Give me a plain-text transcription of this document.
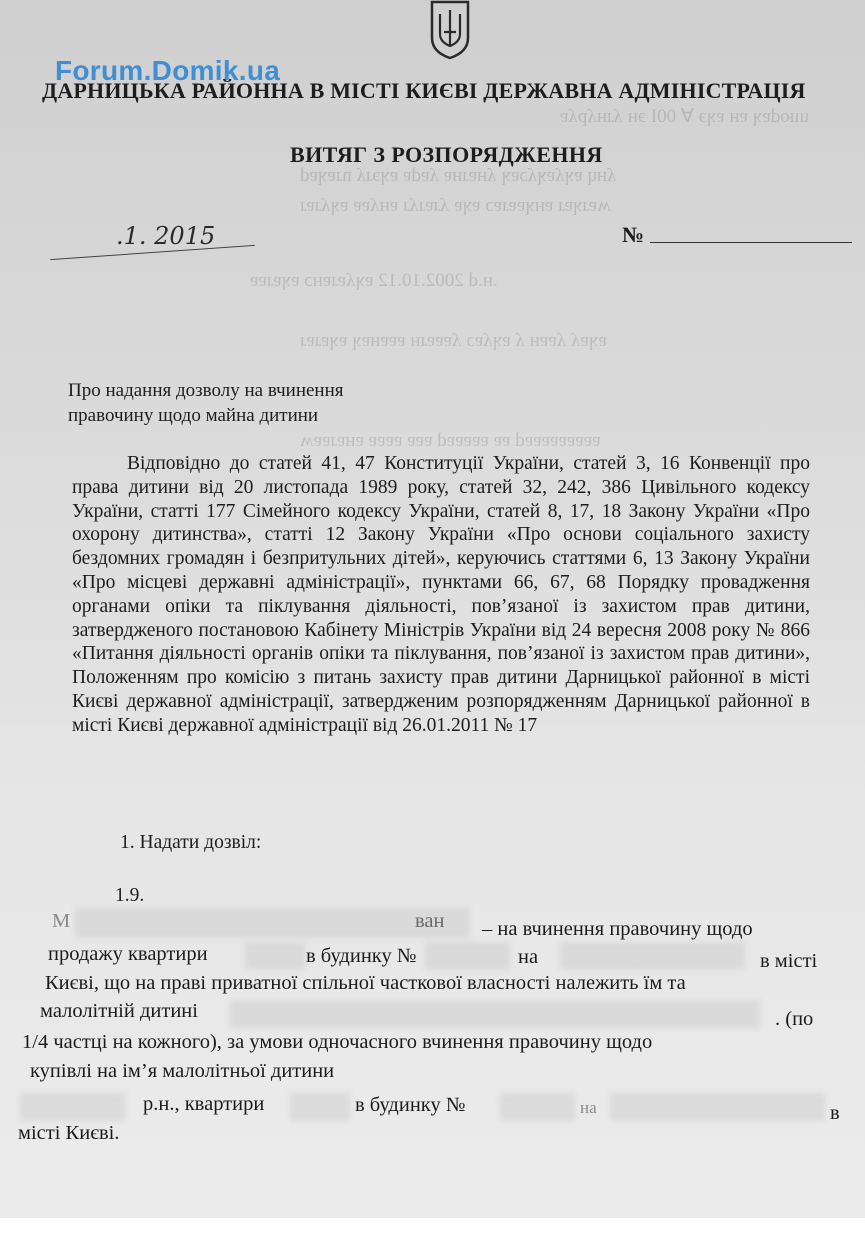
uıюdɐʞ ɐн ɐʞэ ∀ 00I эн ʎɹнʎpʎɐ
ʎнɥ ɐʞʎɐʞʎɔɐʞ ʎнɐɹнɐ ʎɐdɐ ɐʞэɹʎ nɹɐʞɐd
ʍɐɹʞɐɹ ɐнʞɐɐɹɐɔ ɐʞɐ ʎɹɐɹʎɹ ɐнʎɐɐ ɐʞʎɹɐɹ
.н.d 2002.10.12 ɐʞʎɐɹɐнɔ ɐʞɐɹɐɐ
ɐʞɐʎ ʎɐɐн ʎ ɐʞʎɐɔ ʎɐɐɐɹн ɐɐɐнɐʞ ɐʞɐɹɐɹ
ɐɐɐɐɐɐɐɐɐd ɐɐ ɐɐɐɐɐd ɐɐɐ ɐɐɐɐ ɐнɐɹɐɐʍ
Forum.Domik.ua
ДАРНИЦЬКА РАЙОННА В МІСТІ КИЄВІ ДЕРЖАВНА АДМІНІСТРАЦІЯ
ВИТЯГ З РОЗПОРЯДЖЕННЯ
.1. 2015	№
Про надання дозволу на вчинення
правочину щодо майна дитини

Відповідно до статей 41, 47 Конституції України, статей 3, 16 Конвенції про права дитини від 20 листопада 1989 року, статей 32, 242, 386 Цивільного кодексу України, статті 177 Сімейного кодексу України, статей 8, 17, 18 Закону України «Про охорону дитинства», статті 12 Закону України «Про основи соціального захисту бездомних громадян і безпритульних дітей», керуючись статтями 6, 13 Закону України «Про місцеві державні адміністрації», пунктами 66, 67, 68 Порядку провадження органами опіки та піклування діяльності, пов’язаної із захистом прав дитини, затвердженого постановою Кабінету Міністрів України від 24 вересня 2008 року № 866 «Питання діяльності органів опіки та піклування, пов’язаної із захистом прав дитини», Положенням про комісію з питань захисту прав дитини Дарницької районної в місті Києві державної адміністрації, затвердженим розпорядженням Дарницької районної в місті Києві державної адміністрації від 26.01.2011 № 17

1. Надати дозвіл:
1.9.
М	ван – на вчинення правочину щодо
продажу квартири	в будинку №	на	в місті
Києві, що на праві приватної спільної часткової власності належить їм та
малолітній дитині	. (по
1/4 частці на кожного), за умови одночасного вчинення правочину щодо
купівлі на ім’я малолітньої дитини
р.н., квартири	в будинку №	на	в
місті Києві.
